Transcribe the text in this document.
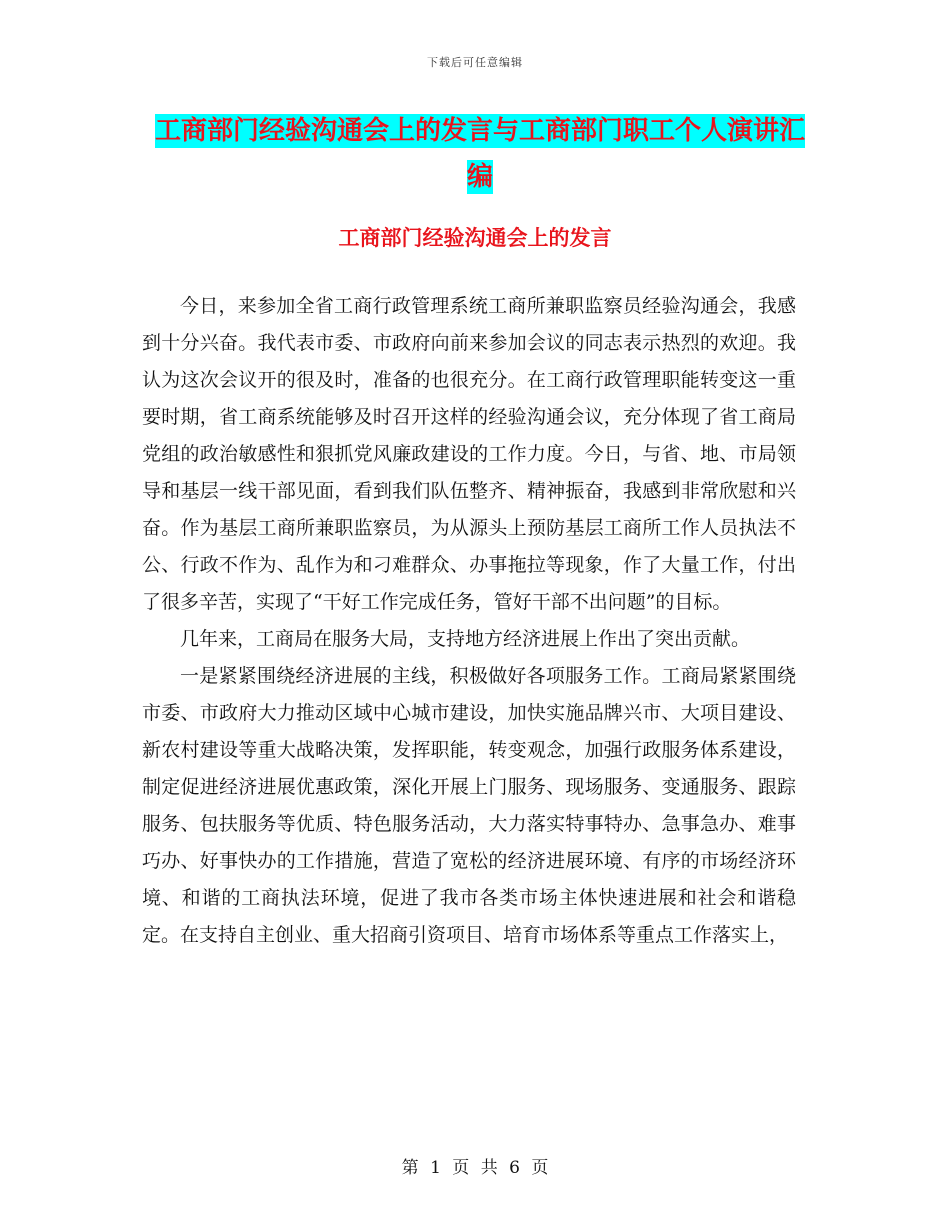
下载后可任意编辑
工商部门经验沟通会上的发言与工商部门职工个人演讲汇编
工商部门经验沟通会上的发言

今日，来参加全省工商行政管理系统工商所兼职监察员经验沟通会，我感到十分兴奋。我代表市委、市政府向前来参加会议的同志表示热烈的欢迎。我认为这次会议开的很及时，准备的也很充分。在工商行政管理职能转变这一重要时期，省工商系统能够及时召开这样的经验沟通会议，充分体现了省工商局党组的政治敏感性和狠抓党风廉政建设的工作力度。今日，与省、地、市局领导和基层一线干部见面，看到我们队伍整齐、精神振奋，我感到非常欣慰和兴奋。作为基层工商所兼职监察员，为从源头上预防基层工商所工作人员执法不公、行政不作为、乱作为和刁难群众、办事拖拉等现象，作了大量工作，付出了很多辛苦，实现了“干好工作完成任务，管好干部不出问题”的目标。

几年来，工商局在服务大局，支持地方经济进展上作出了突出贡献。

一是紧紧围绕经济进展的主线，积极做好各项服务工作。工商局紧紧围绕市委、市政府大力推动区域中心城市建设，加快实施品牌兴市、大项目建设、新农村建设等重大战略决策，发挥职能，转变观念，加强行政服务体系建设，制定促进经济进展优惠政策，深化开展上门服务、现场服务、变通服务、跟踪服务、包扶服务等优质、特色服务活动，大力落实特事特办、急事急办、难事巧办、好事快办的工作措施，营造了宽松的经济进展环境、有序的市场经济环境、和谐的工商执法环境，促进了我市各类市场主体快速进展和社会和谐稳定。在支持自主创业、重大招商引资项目、培育市场体系等重点工作落实上，

第 1 页 共 6 页
